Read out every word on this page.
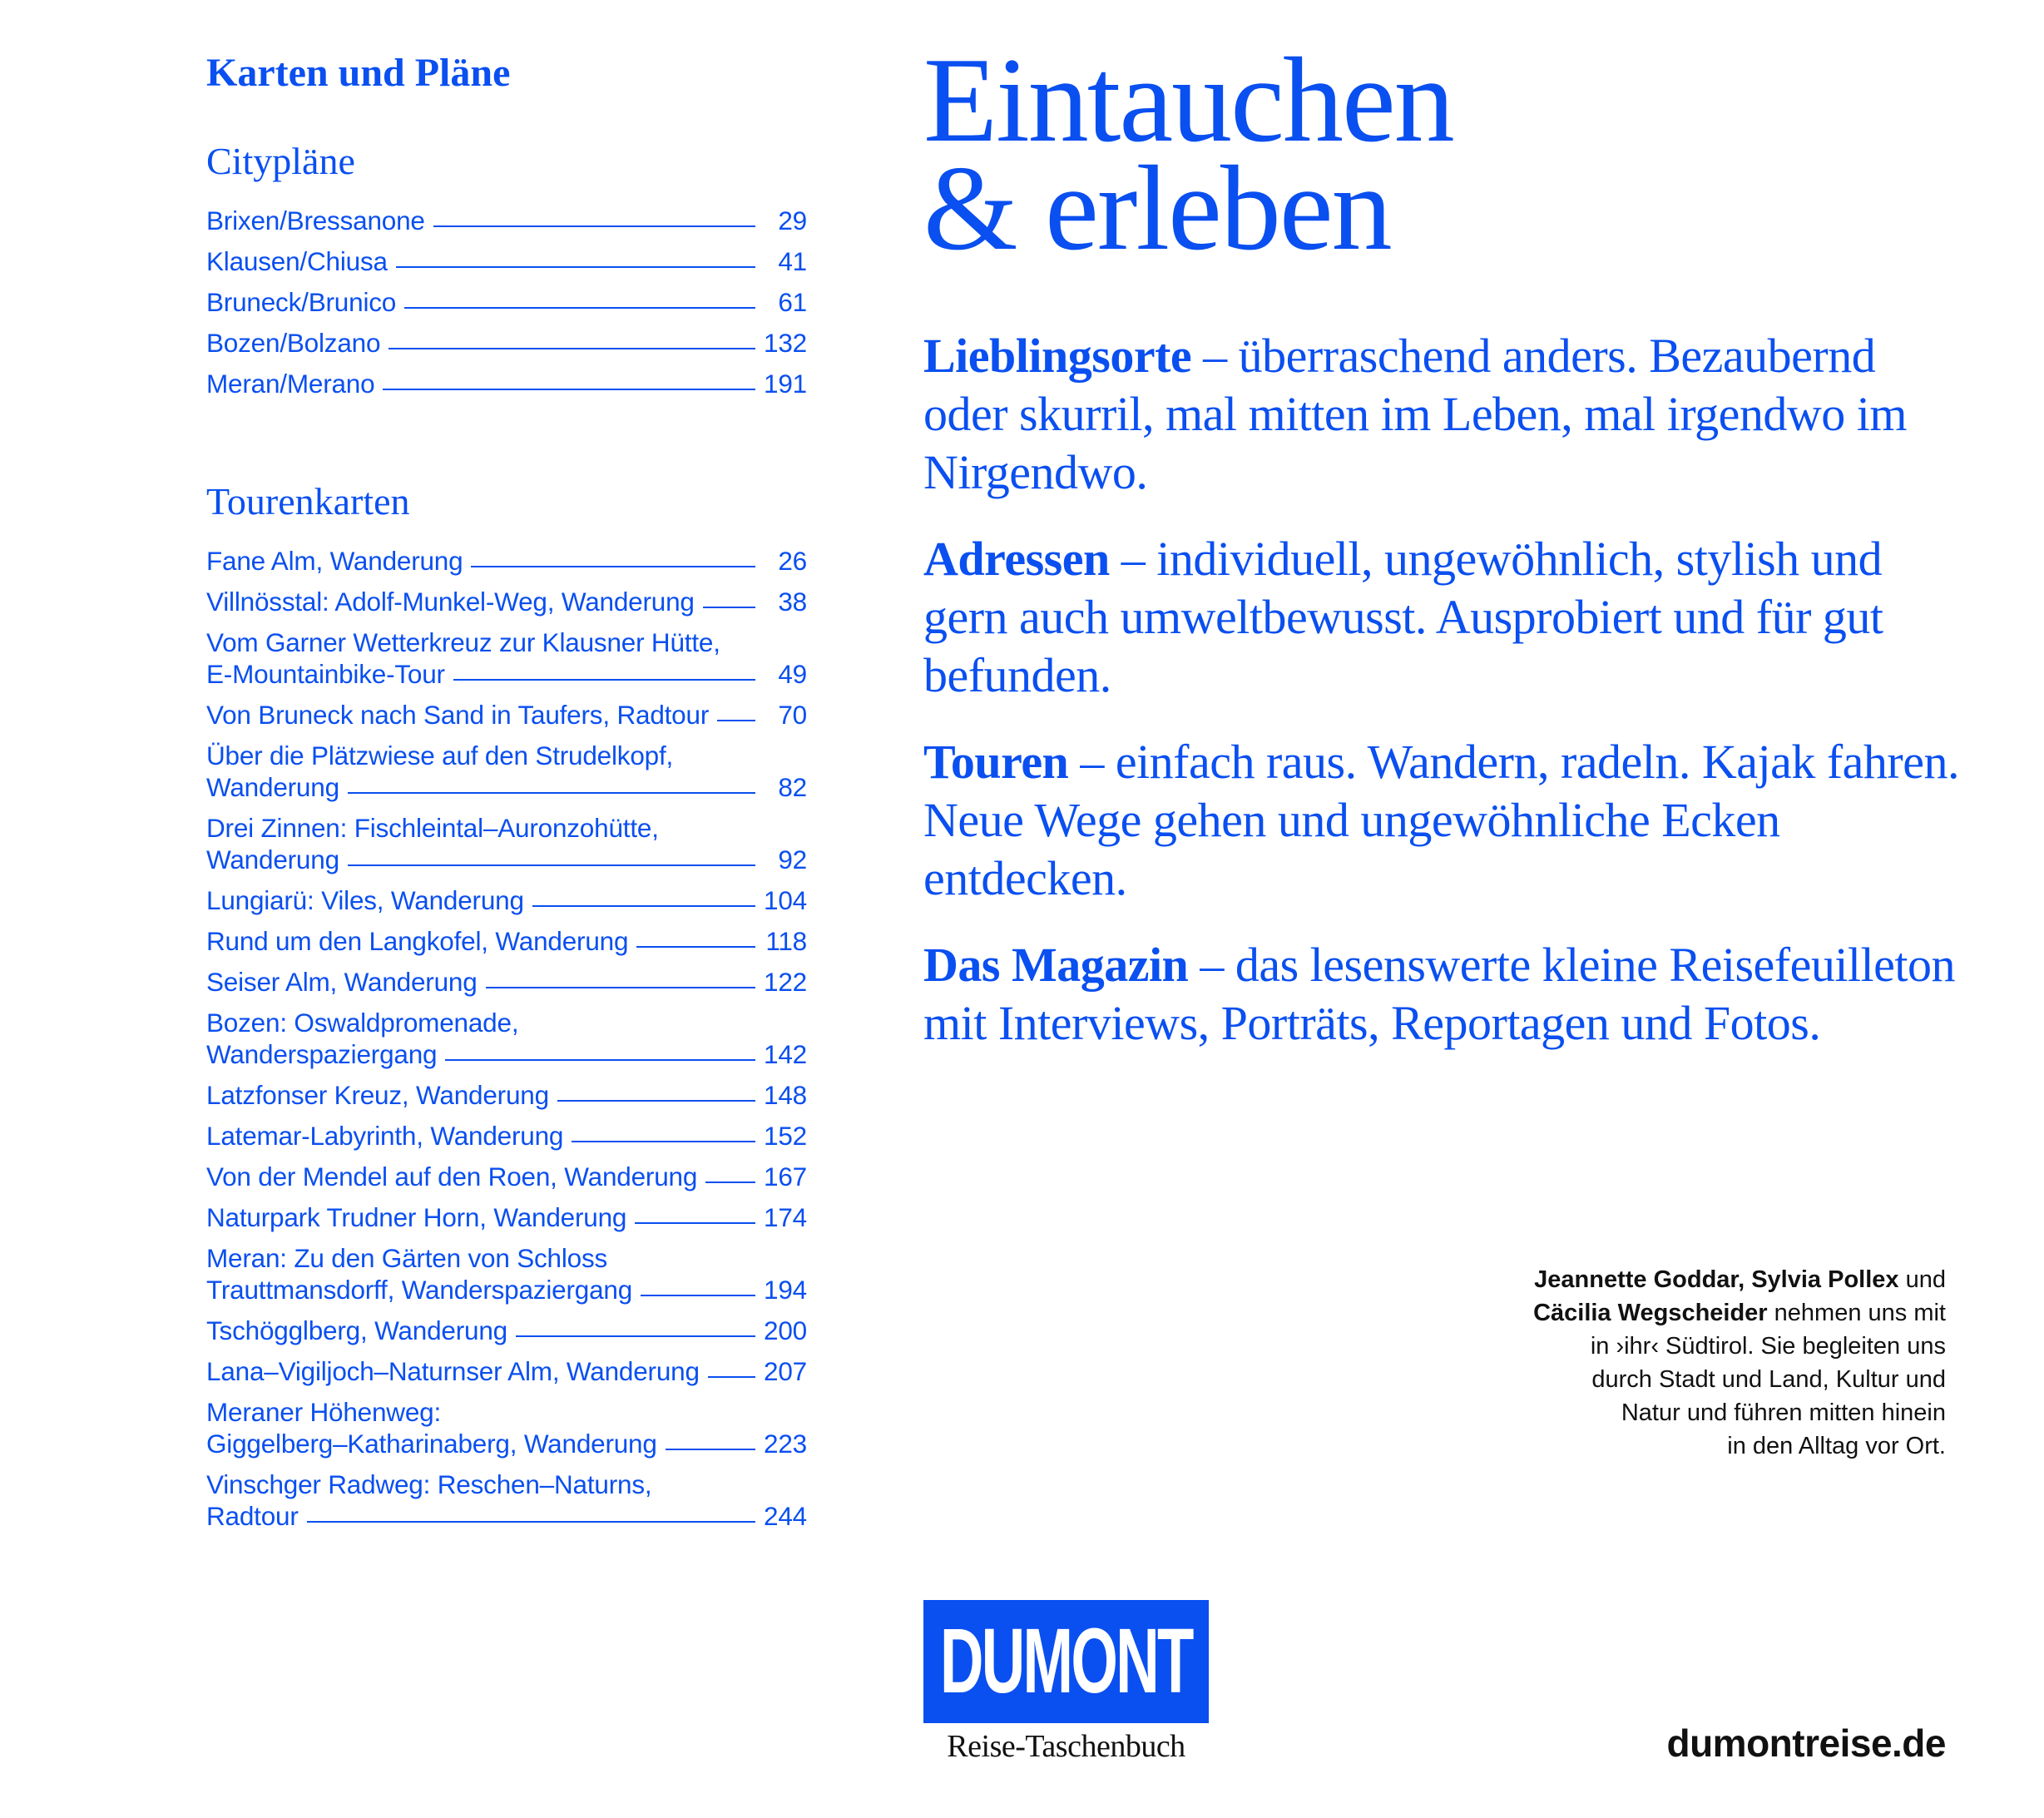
Karten und Pläne
Citypläne
Brixen/Bressanone	29
Klausen/Chiusa	41
Bruneck/Brunico	61
Bozen/Bolzano	132
Meran/Merano	191
Tourenkarten
Fane Alm, Wanderung	26
Villnösstal: Adolf-Munkel-Weg, Wanderung	38
Vom Garner Wetterkreuz zur Klausner Hütte,
E-Mountainbike-Tour	49
Von Bruneck nach Sand in Taufers, Radtour	70
Über die Plätzwiese auf den Strudelkopf,
Wanderung	82
Drei Zinnen: Fischleintal–Auronzohütte,
Wanderung	92
Lungiarü: Viles, Wanderung	104
Rund um den Langkofel, Wanderung	118
Seiser Alm, Wanderung	122
Bozen: Oswaldpromenade,
Wanderspaziergang	142
Latzfonser Kreuz, Wanderung	148
Latemar-Labyrinth, Wanderung	152
Von der Mendel auf den Roen, Wanderung	167
Naturpark Trudner Horn, Wanderung	174
Meran: Zu den Gärten von Schloss
Trauttmansdorff, Wanderspaziergang	194
Tschögglberg, Wanderung	200
Lana–Vigiljoch–Naturnser Alm, Wanderung 207
Meraner Höhenweg:
Giggelberg–Katharinaberg, Wanderung	223
Vinschger Radweg: Reschen–Naturns,
Radtour	244
Eintauchen
& erleben

Lieblingsorte – überraschend anders. Bezaubernd oder skurril, mal mitten im Leben, mal irgendwo im Nirgendwo.

Adressen – individuell, ungewöhnlich, stylish und gern auch umweltbewusst. Ausprobiert und für gut befunden.

Touren – einfach raus. Wandern, radeln. Kajak fahren. Neue Wege gehen und ungewöhnliche Ecken entdecken.

Das Magazin – das lesenswerte kleine Reisefeuilleton mit Interviews, Porträts, Reportagen und Fotos.

Jeannette Goddar, Sylvia Pollex und
Cäcilia Wegscheider nehmen uns mit
in ›ihr‹ Südtirol. Sie begleiten uns
durch Stadt und Land, Kultur und
Natur und führen mitten hinein
in den Alltag vor Ort.
DUMONT
Reise-Taschenbuch	dumontreise.de
